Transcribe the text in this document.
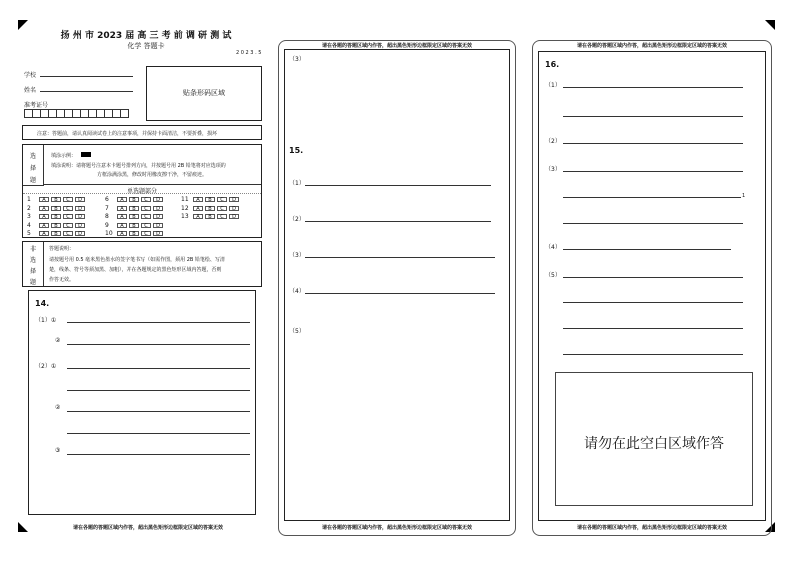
扬 州 市 2023 届 高 三 考 前 调 研 测 试
化学 答题卡
2 0 2 3 . 5
学校
姓名
准考证号
贴条形码区域
注意：答题前，请认真阅读试卷上的注意事项，并保持卡面清洁，不要折叠，损坏
选
择
题
填涂示例：
填涂说明：请将题号注意本卡题号排列方向，并按题号用 2B 铅笔将对应选项的
方框涂满涂黑，修改时用橡皮擦干净，不留痕迹。
单选题部分
1	A	B	C	D
2	A	B	C	D
3	A	B	C	D
4	A	B	C	D
5	A	B	C	D
6	A	B	C	D
7	A	B	C	D
8	A	B	C	D
9	A	B	C	D
10	A	B	C	D
11	A	B	C	D
12	A	B	C	D
13	A	B	C	D
非
选
择
题
答题说明：
请按题号用 0.5 毫米黑色墨水的签字笔书写（如需作图，须用 2B 铅笔绘、写清
楚，线条、符号等须加黑、加粗），并在各题规定的黑色矩形区域内答题，否则
作答无效。
14.
（1）①
②
（2）①
②
③
请在各题的答题区域内作答，超出黑色矩形边框限定区域的答案无效
请在各题的答题区域内作答，超出黑色矩形边框限定区域的答案无效
（3）
15.
（1）
（2）
（3）
（4）
（5）
请在各题的答题区域内作答，超出黑色矩形边框限定区域的答案无效
请在各题的答题区域内作答，超出黑色矩形边框限定区域的答案无效
16.
（1）
（2）
（3）
1
（4）
（5）
请勿在此空白区域作答
请在各题的答题区域内作答，超出黑色矩形边框限定区域的答案无效
